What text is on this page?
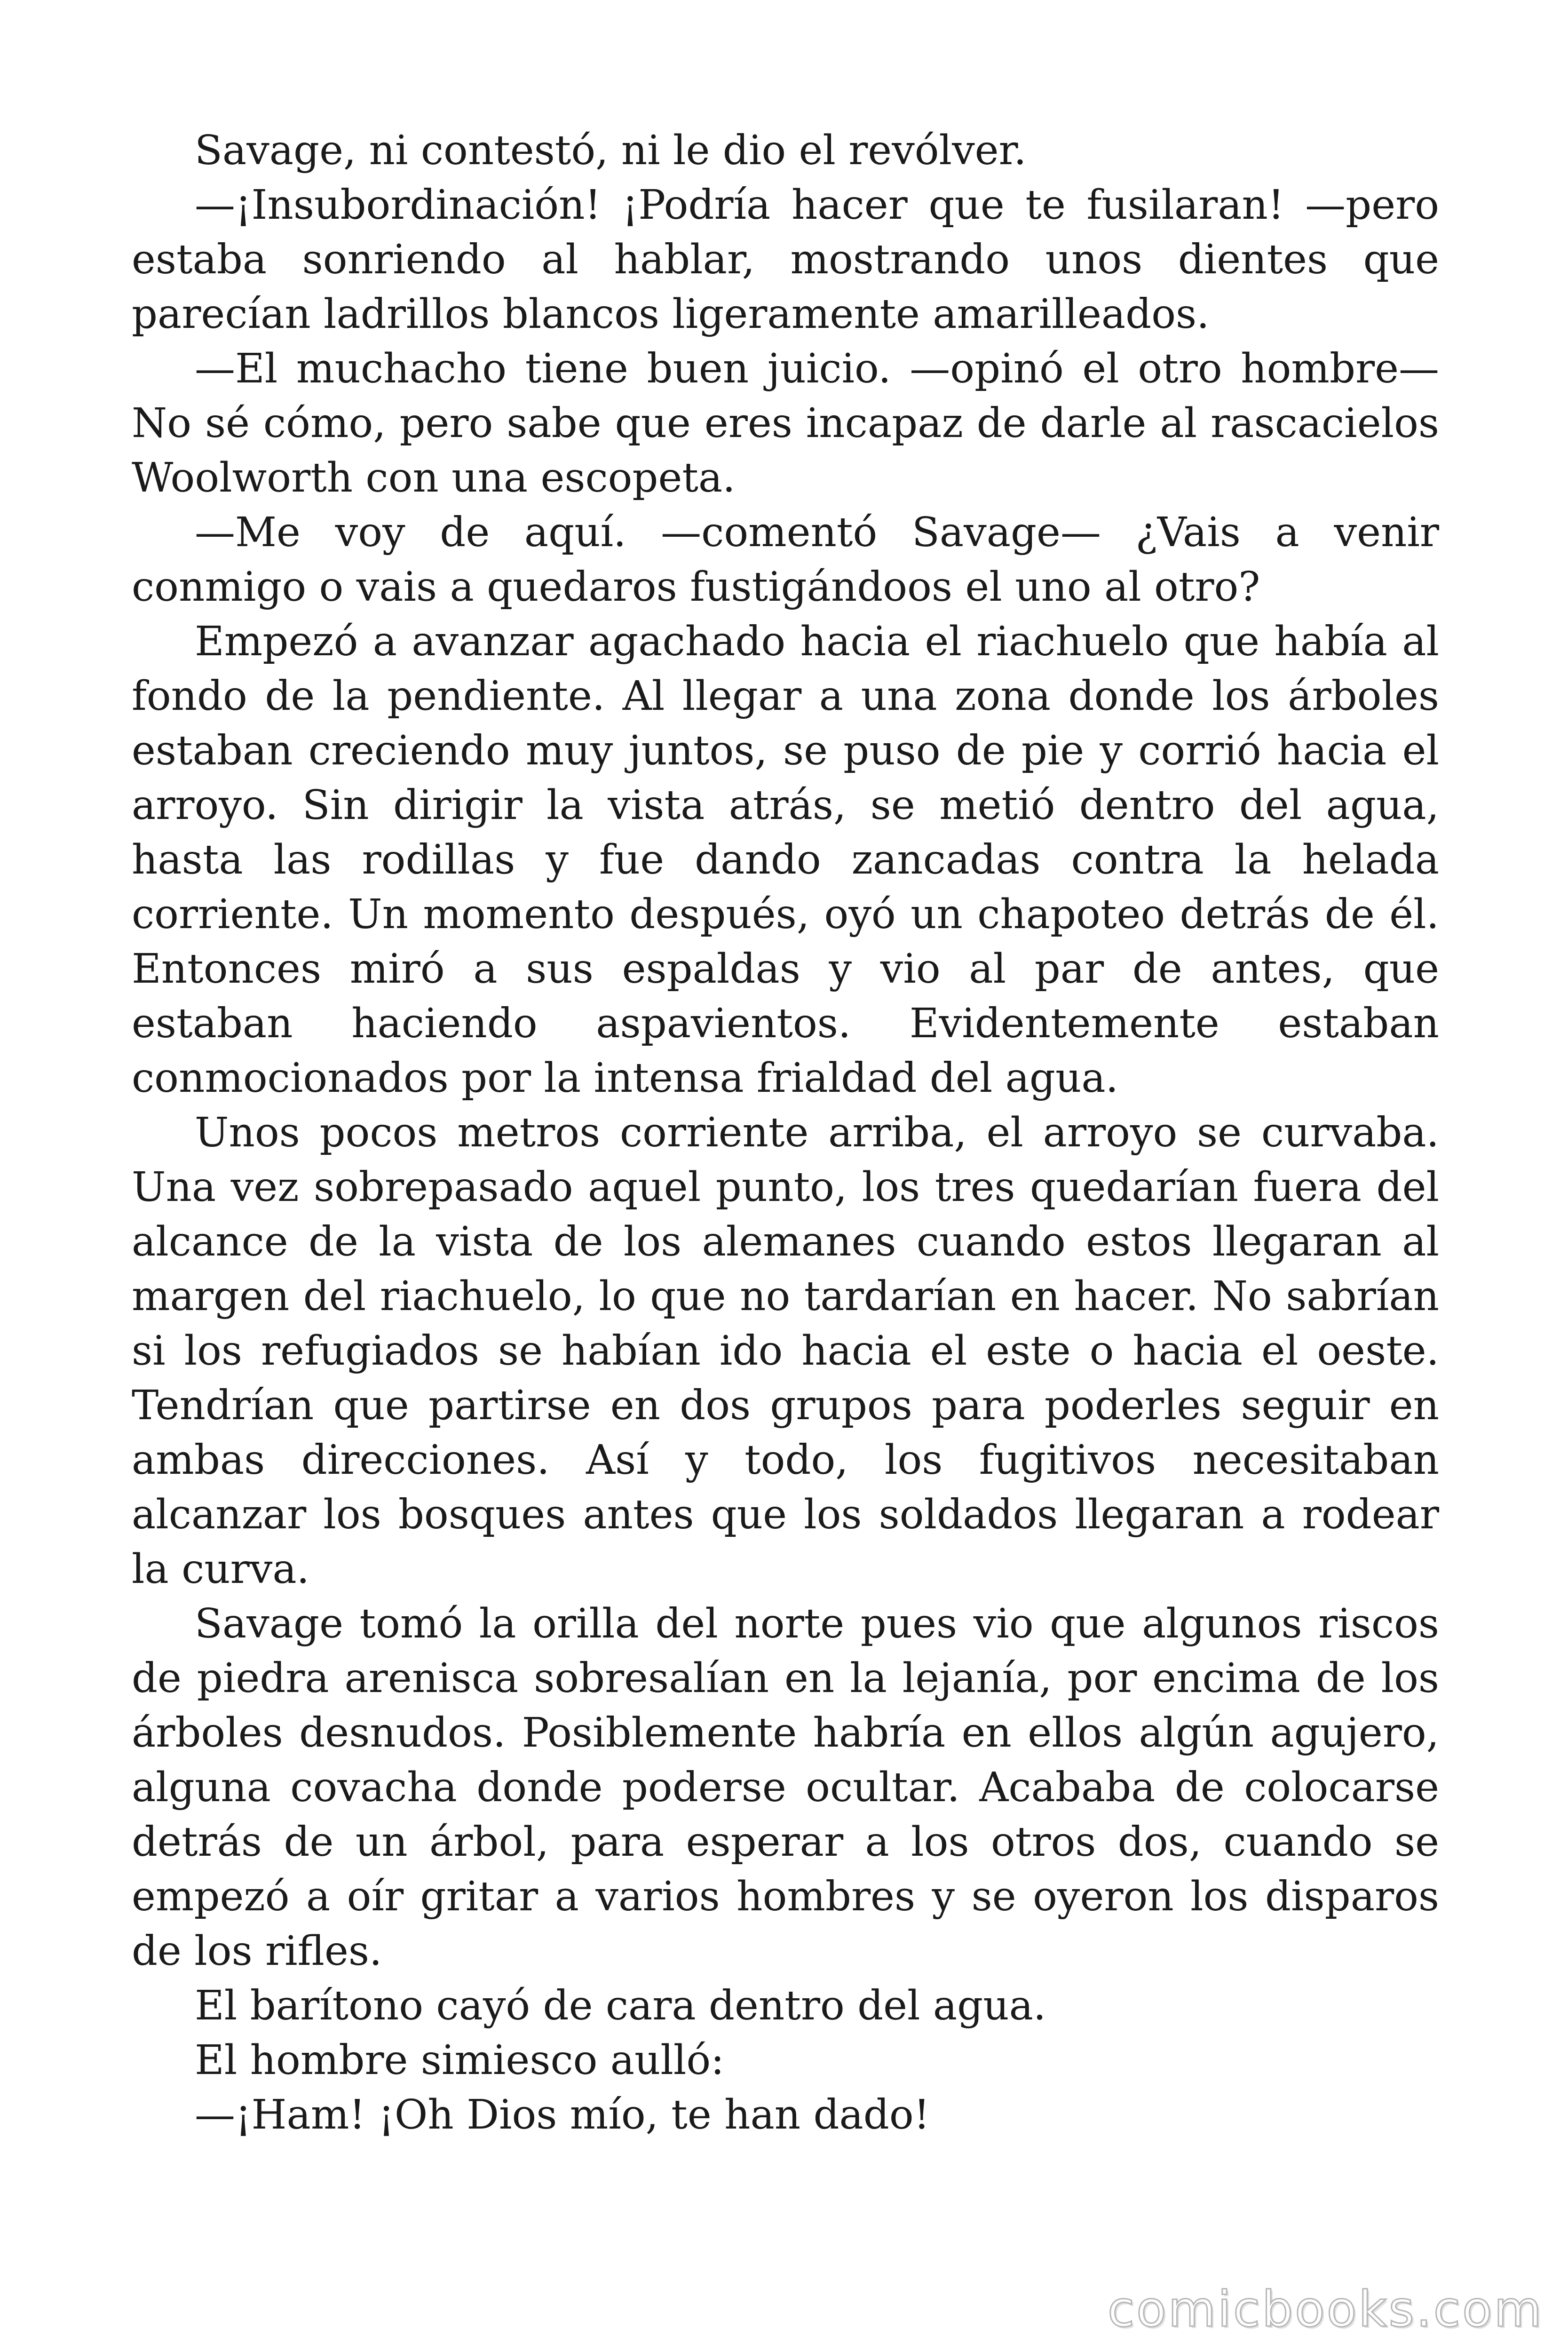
Savage, ni contestó, ni le dio el revólver.

—¡Insubordinación! ¡Podría hacer que te fusilaran! —pero estaba sonriendo al hablar, mostrando unos dientes que parecían ladrillos blancos ligeramente amarilleados.

—El muchacho tiene buen juicio. —opinó el otro hombre— No sé cómo, pero sabe que eres incapaz de darle al rascacielos Woolworth con una escopeta.

—Me voy de aquí. —comentó Savage— ¿Vais a venir conmigo o vais a quedaros fustigándoos el uno al otro?

Empezó a avanzar agachado hacia el riachuelo que había al fondo de la pendiente. Al llegar a una zona donde los árboles estaban creciendo muy juntos, se puso de pie y corrió hacia el arroyo. Sin dirigir la vista atrás, se metió dentro del agua, hasta las rodillas y fue dando zancadas contra la helada corriente. Un momento después, oyó un chapoteo detrás de él. Entonces miró a sus espaldas y vio al par de antes, que estaban haciendo aspavientos. Evidentemente estaban conmocionados por la intensa frialdad del agua.

Unos pocos metros corriente arriba, el arroyo se curvaba. Una vez sobrepasado aquel punto, los tres quedarían fuera del alcance de la vista de los alemanes cuando estos llegaran al margen del riachuelo, lo que no tardarían en hacer. No sabrían si los refugiados se habían ido hacia el este o hacia el oeste. Tendrían que partirse en dos grupos para poderles seguir en ambas direcciones. Así y todo, los fugitivos necesitaban alcanzar los bosques antes que los soldados llegaran a rodear la curva.

Savage tomó la orilla del norte pues vio que algunos riscos de piedra arenisca sobresalían en la lejanía, por encima de los árboles desnudos. Posiblemente habría en ellos algún agujero, alguna covacha donde poderse ocultar. Acababa de colocarse detrás de un árbol, para esperar a los otros dos, cuando se empezó a oír gritar a varios hombres y se oyeron los disparos de los rifles.

El barítono cayó de cara dentro del agua.

El hombre simiesco aulló:

—¡Ham! ¡Oh Dios mío, te han dado!

comicbooks.com
